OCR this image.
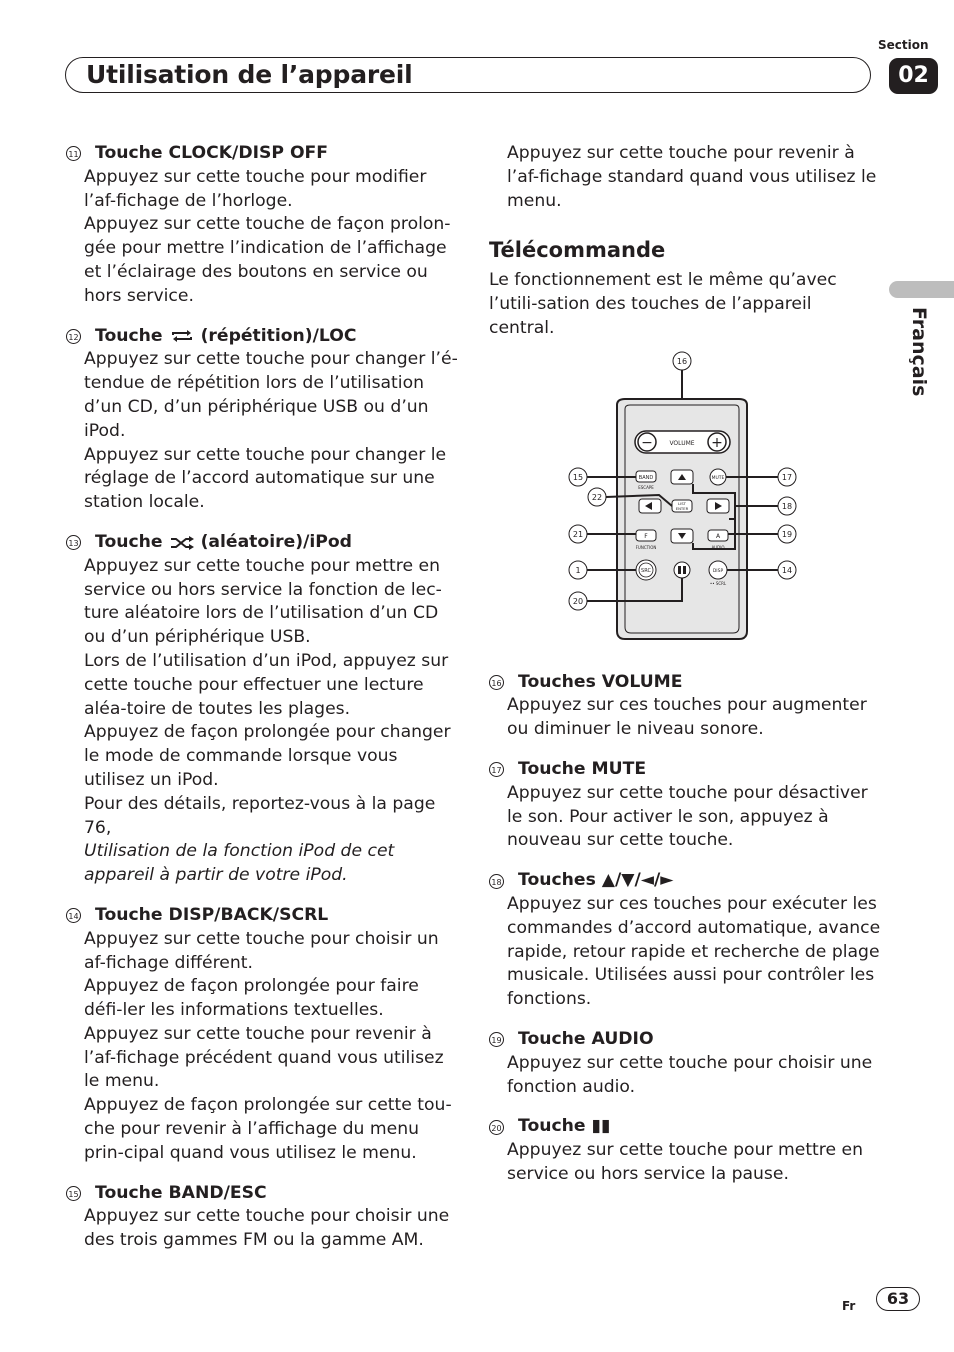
Section
Utilisation de l’appareil	02
Français
11 Touche CLOCK/DISP OFF

Appuyez sur cette touche pour modifier l’af-fichage de l’horloge.

Appuyez sur cette touche de façon prolon-gée pour mettre l’indication de l’affichage et l’éclairage des boutons en service ou hors service.

12 Touche (répétition)/LOC

Appuyez sur cette touche pour changer l’é-tendue de répétition lors de l’utilisation d’un CD, d’un périphérique USB ou d’un iPod.

Appuyez sur cette touche pour changer le réglage de l’accord automatique sur une station locale.

13 Touche (aléatoire)/iPod

Appuyez sur cette touche pour mettre en service ou hors service la fonction de lec-ture aléatoire lors de l’utilisation d’un CD ou d’un périphérique USB.

Lors de l’utilisation d’un iPod, appuyez sur cette touche pour effectuer une lecture aléa-toire de toutes les plages.

Appuyez de façon prolongée pour changer le mode de commande lorsque vous utilisez un iPod.

Pour des détails, reportez-vous à la page 76,

Utilisation de la fonction iPod de cet appareil à partir de votre iPod.

14 Touche DISP/BACK/SCRL

Appuyez sur cette touche pour choisir un af-fichage différent.

Appuyez de façon prolongée pour faire défi-ler les informations textuelles.

Appuyez sur cette touche pour revenir à l’af-fichage précédent quand vous utilisez le menu.

Appuyez de façon prolongée sur cette tou-che pour revenir à l’affichage du menu prin-cipal quand vous utilisez le menu.

15 Touche BAND/ESC

Appuyez sur cette touche pour choisir une des trois gammes FM ou la gamme AM.

Appuyez sur cette touche pour revenir à l’af-fichage standard quand vous utilisez le menu.

Télécommande

Le fonctionnement est le même qu’avec l’utili-sation des touches de l’appareil central.

16
−	+
VOLUME
BAND
ESCAPE
MUTE
LIST
ENTER
F
FUNCTION
A
AUDIO
SRC	DISP
•• SCRL
15
22
21
1
20
17
18
19
14
16 Touches VOLUME

Appuyez sur ces touches pour augmenter ou diminuer le niveau sonore.

17 Touche MUTE

Appuyez sur cette touche pour désactiver le son. Pour activer le son, appuyez à nouveau sur cette touche.

18 Touches ▲/▼/◄/►

Appuyez sur ces touches pour exécuter les commandes d’accord automatique, avance rapide, retour rapide et recherche de plage musicale. Utilisées aussi pour contrôler les fonctions.

19 Touche AUDIO

Appuyez sur cette touche pour choisir une fonction audio.

20 Touche ▮▮

Appuyez sur cette touche pour mettre en service ou hors service la pause.

Fr	63
